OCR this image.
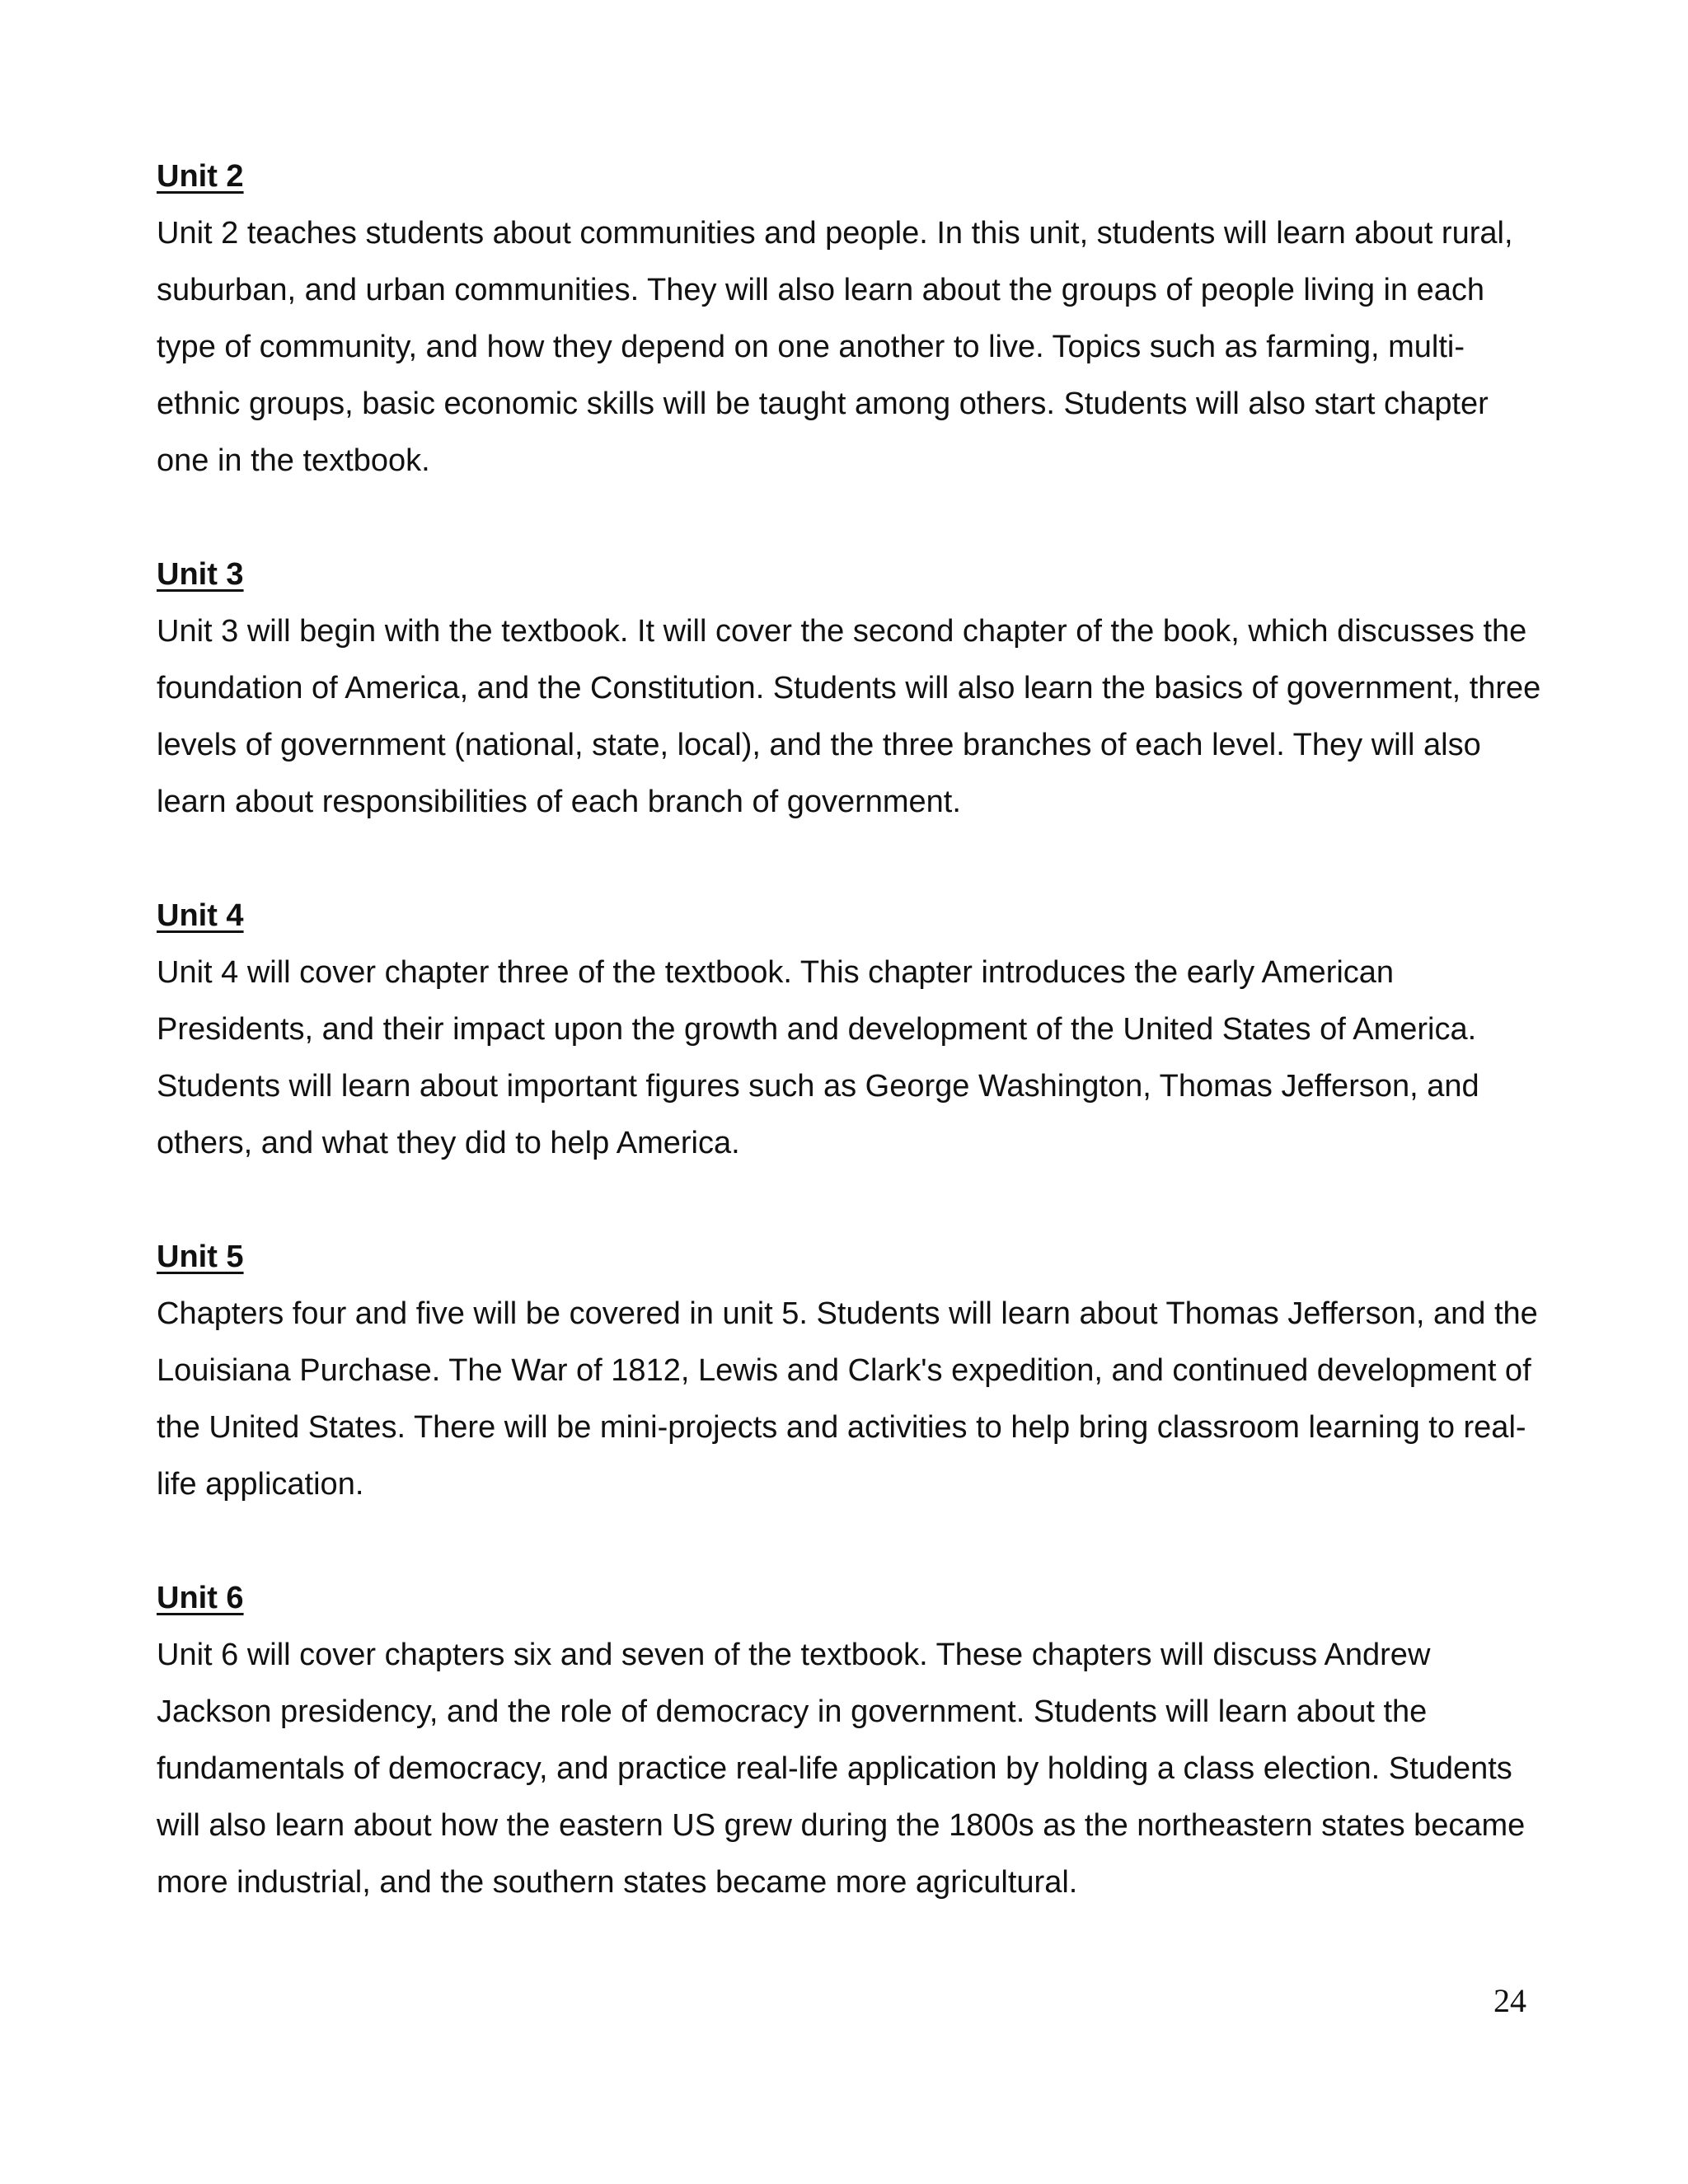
Unit 2

Unit 2 teaches students about communities and people. In this unit, students will learn about rural, suburban, and urban communities. They will also learn about the groups of people living in each type of community, and how they depend on one another to live. Topics such as farming, multi-ethnic groups, basic economic skills will be taught among others. Students will also start chapter one in the textbook.

Unit 3

Unit 3 will begin with the textbook. It will cover the second chapter of the book, which discusses the foundation of America, and the Constitution. Students will also learn the basics of government, three levels of government (national, state, local), and the three branches of each level. They will also learn about responsibilities of each branch of government.

Unit 4

Unit 4 will cover chapter three of the textbook. This chapter introduces the early American Presidents, and their impact upon the growth and development of the United States of America. Students will learn about important figures such as George Washington, Thomas Jefferson, and others, and what they did to help America.

Unit 5

Chapters four and five will be covered in unit 5. Students will learn about Thomas Jefferson, and the Louisiana Purchase. The War of 1812, Lewis and Clark's expedition, and continued development of the United States. There will be mini-projects and activities to help bring classroom learning to real-life application.

Unit 6

Unit 6 will cover chapters six and seven of the textbook. These chapters will discuss Andrew Jackson presidency, and the role of democracy in government. Students will learn about the fundamentals of democracy, and practice real-life application by holding a class election. Students will also learn about how the eastern US grew during the 1800s as the northeastern states became more industrial, and the southern states became more agricultural.

24
